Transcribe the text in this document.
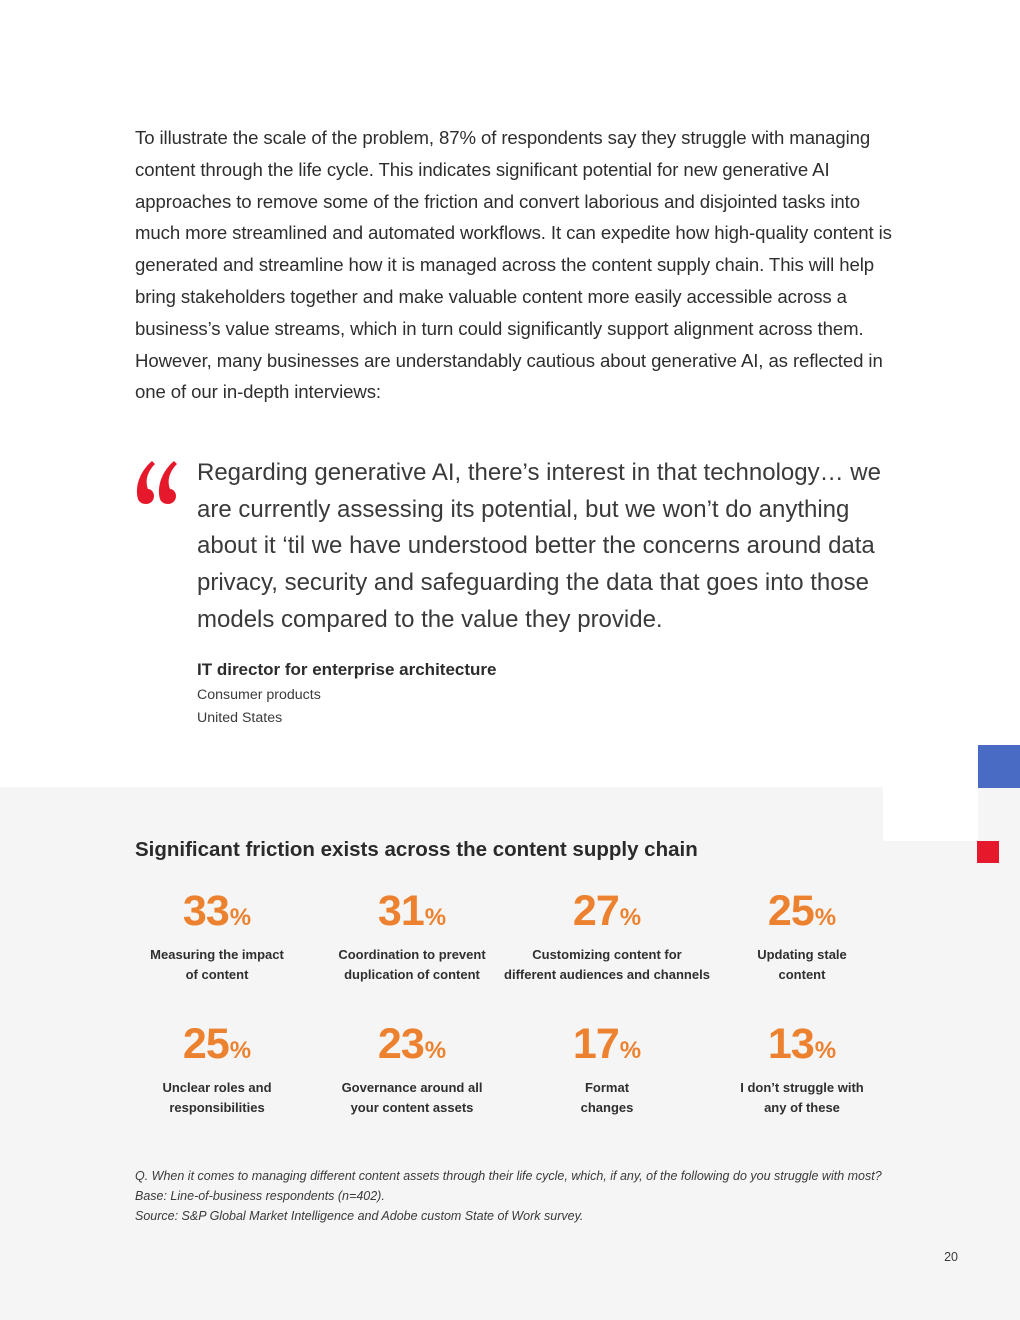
To illustrate the scale of the problem, 87% of respondents say they struggle with managing content through the life cycle. This indicates significant potential for new generative AI approaches to remove some of the friction and convert laborious and disjointed tasks into much more streamlined and automated workflows. It can expedite how high-quality content is generated and streamline how it is managed across the content supply chain. This will help bring stakeholders together and make valuable content more easily accessible across a business’s value streams, which in turn could significantly support alignment across them. However, many businesses are understandably cautious about generative AI, as reflected in one of our in-depth interviews:

Regarding generative AI, there’s interest in that technology… we are currently assessing its potential, but we won’t do anything about it ‘til we have understood better the concerns around data privacy, security and safeguarding the data that goes into those models compared to the value they provide.

IT director for enterprise architecture
Consumer products
United States
Significant friction exists across the content supply chain
33%
Measuring the impact
of content
31%
Coordination to prevent
duplication of content
27%
Customizing content for
different audiences and channels
25%
Updating stale
content
25%
Unclear roles and
responsibilities
23%
Governance around all
your content assets
17%
Format
changes
13%
I don’t struggle with
any of these
Q. When it comes to managing different content assets through their life cycle, which, if any, of the following do you struggle with most?
Base: Line-of-business respondents (n=402).
Source: S&P Global Market Intelligence and Adobe custom State of Work survey.
20
